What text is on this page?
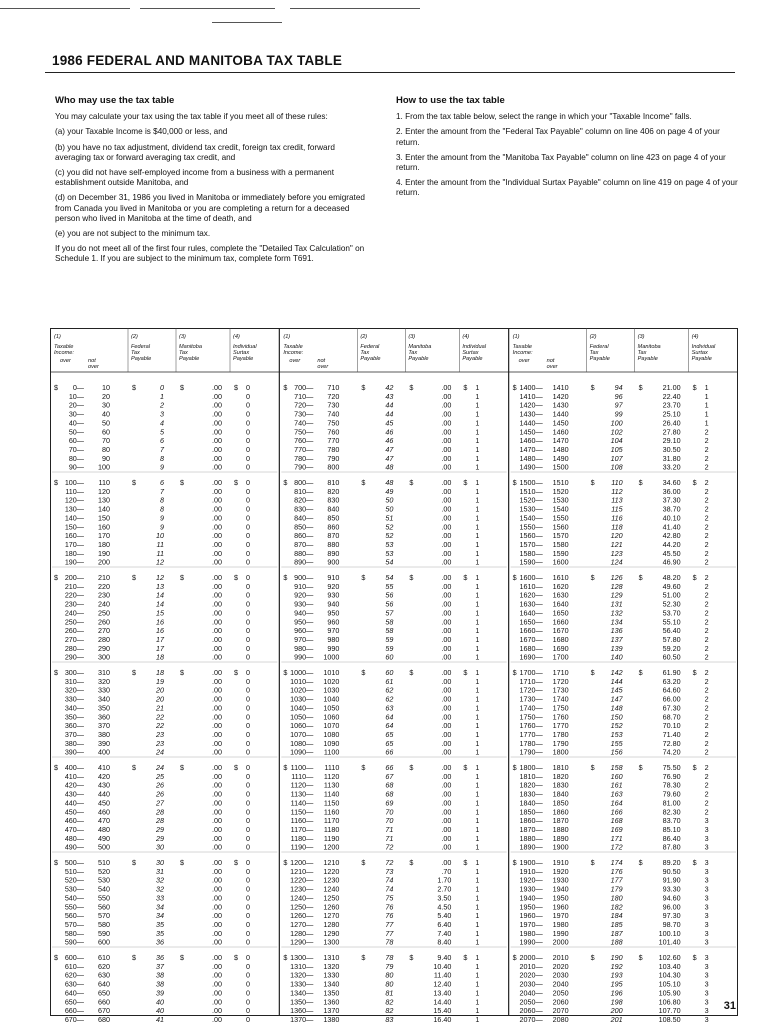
1986 FEDERAL AND MANITOBA TAX TABLE
Who may use the tax table

You may calculate your tax using the tax table if you meet all of these rules:

(a) your Taxable Income is $40,000 or less, and

(b) you have no tax adjustment, dividend tax credit, foreign tax credit, forward averaging tax or forward averaging tax credit, and

(c) you did not have self-employed income from a business with a permanent establishment outside Manitoba, and

(d) on December 31, 1986 you lived in Manitoba or immediately before you emigrated from Canada you lived in Manitoba or you are completing a return for a deceased person who lived in Manitoba at the time of death, and

(e) you are not subject to the minimum tax.

If you do not meet all of the first four rules, complete the "Detailed Tax Calculation" on Schedule 1. If you are subject to the minimum tax, complete form T691.

How to use the tax table

1. From the tax table below, select the range in which your "Taxable Income" falls.

2. Enter the amount from the "Federal Tax Payable" column on line 406 on page 4 of your return.

3. Enter the amount from the "Manitoba Tax Payable" column on line 423 on page 4 of your return.

4. Enter the amount from the "Individual Surtax Payable" column on line 419 on page 4 of your return.

(1)
Taxable
Income:
over	not
over
(2)
Federal
Tax
Payable
(3)
Manitoba
Tax
Payable
(4)
Individual
Surtax
Payable
$	$	$	$
0—	10	0	.00	0
10—	20	1	.00	0
20—	30	2	.00	0
30—	40	3	.00	0
40—	50	4	.00	0
50—	60	5	.00	0
60—	70	6	.00	0
70—	80	7	.00	0
80—	90	8	.00	0
90— 100	9	.00	0
$	$	$	$
100— 110	6	.00	0
110— 120	7	.00	0
120— 130	8	.00	0
130— 140	8	.00	0
140— 150	9	.00	0
150— 160	9	.00	0
160— 170	10	.00	0
170— 180	11	.00	0
180— 190	11	.00	0
190— 200	12	.00	0
$	$	$	$
200— 210	12	.00	0
210— 220	13	.00	0
220— 230	14	.00	0
230— 240	14	.00	0
240— 250	15	.00	0
250— 260	16	.00	0
260— 270	16	.00	0
270— 280	17	.00	0
280— 290	17	.00	0
290— 300	18	.00	0
$	$	$	$
300— 310	18	.00	0
310— 320	19	.00	0
320— 330	20	.00	0
330— 340	20	.00	0
340— 350	21	.00	0
350— 360	22	.00	0
360— 370	22	.00	0
370— 380	23	.00	0
380— 390	23	.00	0
390— 400	24	.00	0
$	$	$	$
400— 410	24	.00	0
410— 420	25	.00	0
420— 430	26	.00	0
430— 440	26	.00	0
440— 450	27	.00	0
450— 460	28	.00	0
460— 470	28	.00	0
470— 480	29	.00	0
480— 490	29	.00	0
490— 500	30	.00	0
$	$	$	$
500— 510	30	.00	0
510— 520	31	.00	0
520— 530	32	.00	0
530— 540	32	.00	0
540— 550	33	.00	0
550— 560	34	.00	0
560— 570	34	.00	0
570— 580	35	.00	0
580— 590	35	.00	0
590— 600	36	.00	0
$	$	$	$
600— 610	36	.00	0
610— 620	37	.00	0
620— 630	38	.00	0
630— 640	38	.00	0
640— 650	39	.00	0
650— 660	40	.00	0
660— 670	40	.00	0
670— 680	41	.00	0
(1)
Taxable
Income:
over	not
over
(2)
Federal
Tax
Payable
(3)
Manitoba
Tax
Payable
(4)
Individual
Surtax
Payable
$	$	$	$
700— 710	42	.00	1
710— 720	43	.00	1
720— 730	44	.00	1
730— 740	44	.00	1
740— 750	45	.00	1
750— 760	46	.00	1
760— 770	46	.00	1
770— 780	47	.00	1
780— 790	47	.00	1
790— 800	48	.00	1
$	$	$	$
800— 810	48	.00	1
810— 820	49	.00	1
820— 830	50	.00	1
830— 840	50	.00	1
840— 850	51	.00	1
850— 860	52	.00	1
860— 870	52	.00	1
870— 880	53	.00	1
880— 890	53	.00	1
890— 900	54	.00	1
$	$	$	$
900— 910	54	.00	1
910— 920	55	.00	1
920— 930	56	.00	1
930— 940	56	.00	1
940— 950	57	.00	1
950— 960	58	.00	1
960— 970	58	.00	1
970— 980	59	.00	1
980— 990	59	.00	1
990— 1000	60	.00	1
$	$	$	$
1000— 1010	60	.00	1
1010— 1020	61	.00	1
1020— 1030	62	.00	1
1030— 1040	62	.00	1
1040— 1050	63	.00	1
1050— 1060	64	.00	1
1060— 1070	64	.00	1
1070— 1080	65	.00	1
1080— 1090	65	.00	1
1090— 1100	66	.00	1
$	$	$	$
1100— 1110	66	.00	1
1110— 1120	67	.00	1
1120— 1130	68	.00	1
1130— 1140	68	.00	1
1140— 1150	69	.00	1
1150— 1160	70	.00	1
1160— 1170	70	.00	1
1170— 1180	71	.00	1
1180— 1190	71	.00	1
1190— 1200	72	.00	1
$	$	$	$
1200— 1210	72	.00	1
1210— 1220	73	.70	1
1220— 1230	74	1.70	1
1230— 1240	74	2.70	1
1240— 1250	75	3.50	1
1250— 1260	76	4.50	1
1260— 1270	76	5.40	1
1270— 1280	77	6.40	1
1280— 1290	77	7.40	1
1290— 1300	78	8.40	1
$	$	$	$
1300— 1310	78	9.40	1
1310— 1320	79	10.40	1
1320— 1330	80	11.40	1
1330— 1340	80	12.40	1
1340— 1350	81	13.40	1
1350— 1360	82	14.40	1
1360— 1370	82	15.40	1
1370— 1380	83	16.40	1
(1)
Taxable
Income:
over	not
over
(2)
Federal
Tax
Payable
(3)
Manitoba
Tax
Payable
(4)
Individual
Surtax
Payable
$	$	$	$
1400— 1410	94	21.00	1
1410— 1420	96	22.40	1
1420— 1430	97	23.70	1
1430— 1440	99	25.10	1
1440— 1450	100	26.40	1
1450— 1460	102	27.80	2
1460— 1470	104	29.10	2
1470— 1480	105	30.50	2
1480— 1490	107	31.80	2
1490— 1500	108	33.20	2
$	$	$	$
1500— 1510	110	34.60	2
1510— 1520	112	36.00	2
1520— 1530	113	37.30	2
1530— 1540	115	38.70	2
1540— 1550	116	40.10	2
1550— 1560	118	41.40	2
1560— 1570	120	42.80	2
1570— 1580	121	44.20	2
1580— 1590	123	45.50	2
1590— 1600	124	46.90	2
$	$	$	$
1600— 1610	126	48.20	2
1610— 1620	128	49.60	2
1620— 1630	129	51.00	2
1630— 1640	131	52.30	2
1640— 1650	132	53.70	2
1650— 1660	134	55.10	2
1660— 1670	136	56.40	2
1670— 1680	137	57.80	2
1680— 1690	139	59.20	2
1690— 1700	140	60.50	2
$	$	$	$
1700— 1710	142	61.90	2
1710— 1720	144	63.20	2
1720— 1730	145	64.60	2
1730— 1740	147	66.00	2
1740— 1750	148	67.30	2
1750— 1760	150	68.70	2
1760— 1770	152	70.10	2
1770— 1780	153	71.40	2
1780— 1790	155	72.80	2
1790— 1800	156	74.20	2
$	$	$	$
1800— 1810	158	75.50	2
1810— 1820	160	76.90	2
1820— 1830	161	78.30	2
1830— 1840	163	79.60	2
1840— 1850	164	81.00	2
1850— 1860	166	82.30	2
1860— 1870	168	83.70	3
1870— 1880	169	85.10	3
1880— 1890	171	86.40	3
1890— 1900	172	87.80	3
$	$	$	$
1900— 1910	174	89.20	3
1910— 1920	176	90.50	3
1920— 1930	177	91.90	3
1930— 1940	179	93.30	3
1940— 1950	180	94.60	3
1950— 1960	182	96.00	3
1960— 1970	184	97.30	3
1970— 1980	185	98.70	3
1980— 1990	187	100.10	3
1990— 2000	188	101.40	3
$	$	$	$
2000— 2010	190	102.60	3
2010— 2020	192	103.40	3
2020— 2030	193	104.30	3
2030— 2040	195	105.10	3
2040— 2050	196	105.90	3
2050— 2060	198	106.80	3
2060— 2070	200	107.70	3
2070— 2080	201	108.50	3
31
